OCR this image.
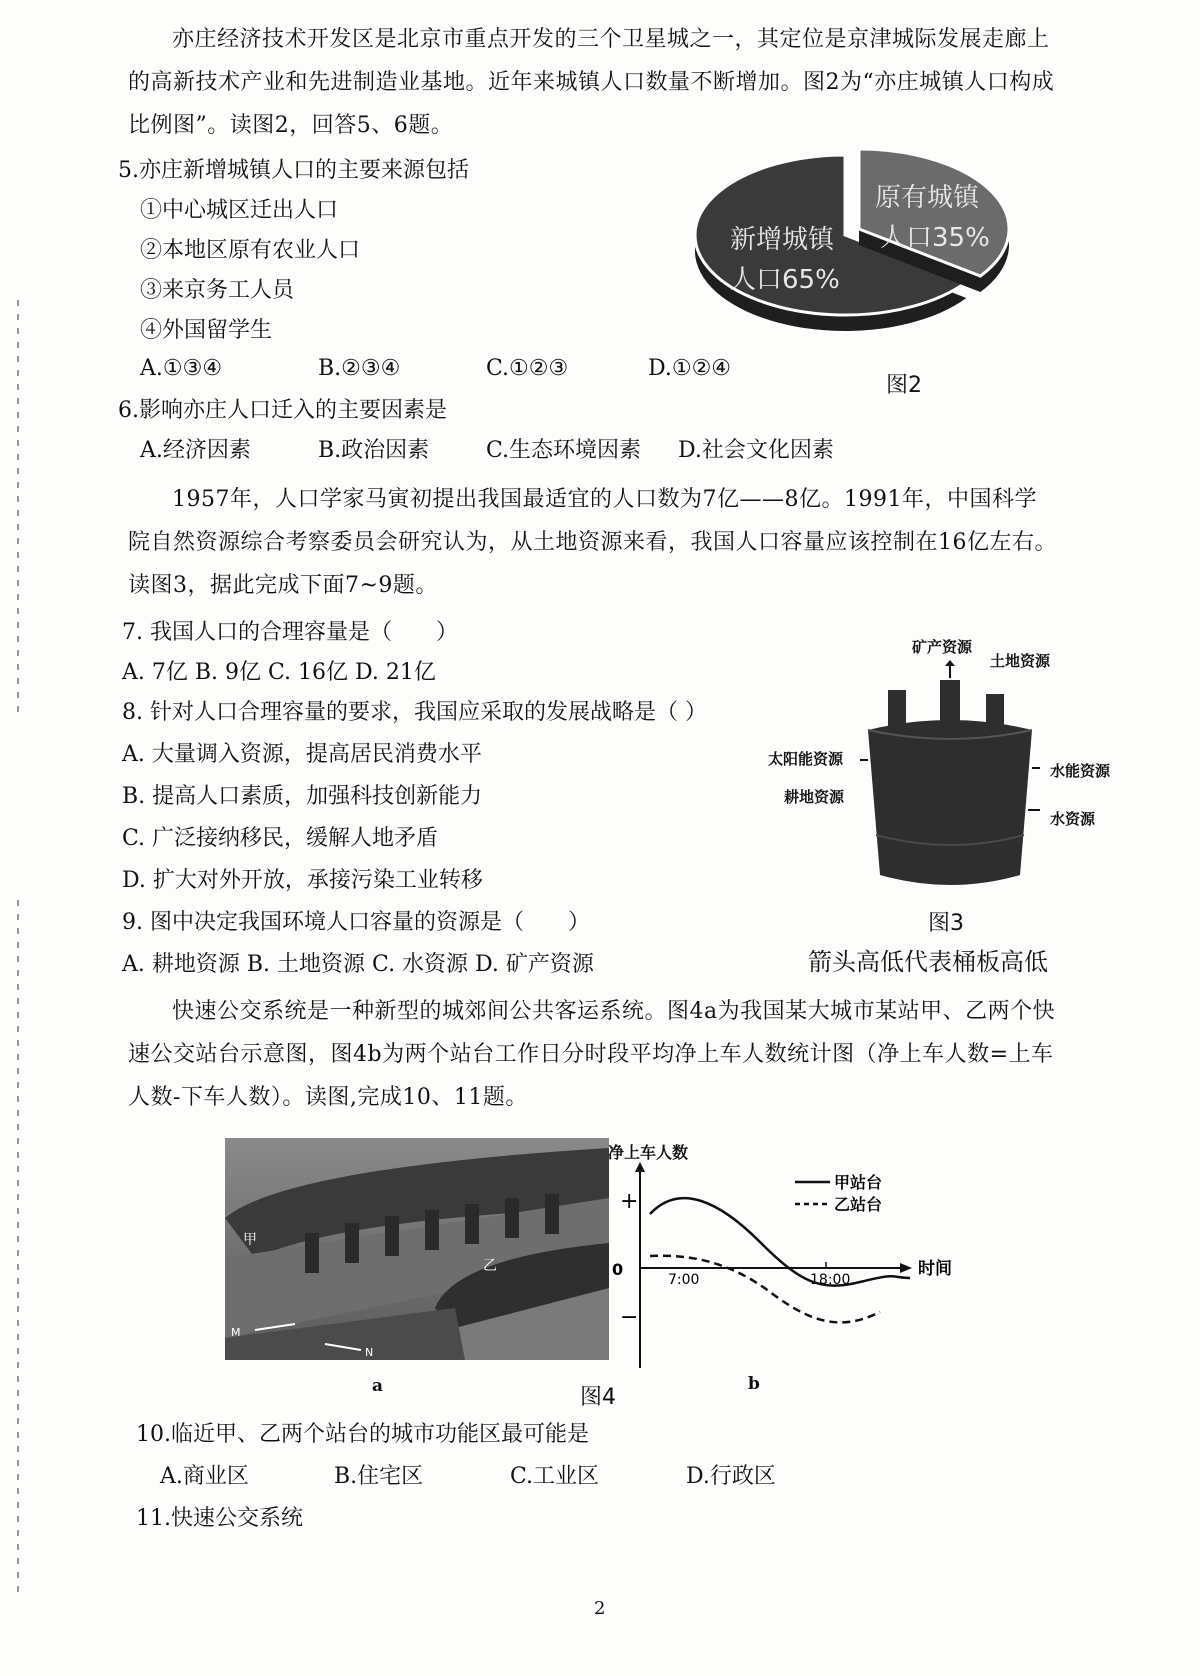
亦庄经济技术开发区是北京市重点开发的三个卫星城之一，其定位是京津城际发展走廊上的高新技术产业和先进制造业基地。近年来城镇人口数量不断增加。图2为“亦庄城镇人口构成比例图”。读图2，回答5、6题。
5.亦庄新增城镇人口的主要来源包括
①中心城区迁出人口
②本地区原有农业人口
③来京务工人员
④外国留学生
A.①③④	B.②③④	C.①②③	D.①②④
新增城镇
人口65%
原有城镇
人口35%
图2
6.影响亦庄人口迁入的主要因素是
A.经济因素	B.政治因素	C.生态环境因素 D.社会文化因素
1957年，人口学家马寅初提出我国最适宜的人口数为7亿——8亿。1991年，中国科学院自然资源综合考察委员会研究认为，从土地资源来看，我国人口容量应该控制在16亿左右。读图3，据此完成下面7~9题。
7. 我国人口的合理容量是（　　）
A. 7亿 B. 9亿 C. 16亿 D. 21亿
8. 针对人口合理容量的要求，我国应采取的发展战略是（ ）
A. 大量调入资源，提高居民消费水平
B. 提高人口素质，加强科技创新能力
C. 广泛接纳移民，缓解人地矛盾
D. 扩大对外开放，承接污染工业转移
9. 图中决定我国环境人口容量的资源是（　　）
A. 耕地资源 B. 土地资源 C. 水资源 D. 矿产资源
矿产资源
土地资源
太阳能资源
水能资源
耕地资源
水资源
图3
箭头高低代表桶板高低
快速公交系统是一种新型的城郊间公共客运系统。图4a为我国某大城市某站甲、乙两个快速公交站台示意图，图4b为两个站台工作日分时段平均净上车人数统计图（净上车人数=上车人数-下车人数）。读图,完成10、11题。
甲
乙
M
N
a
净上车人数
+
−
0
7:00	18:00
时间
甲站台
乙站台
图4
b
10.临近甲、乙两个站台的城市功能区最可能是
A.商业区	B.住宅区	C.工业区	D.行政区
11.快速公交系统
2
